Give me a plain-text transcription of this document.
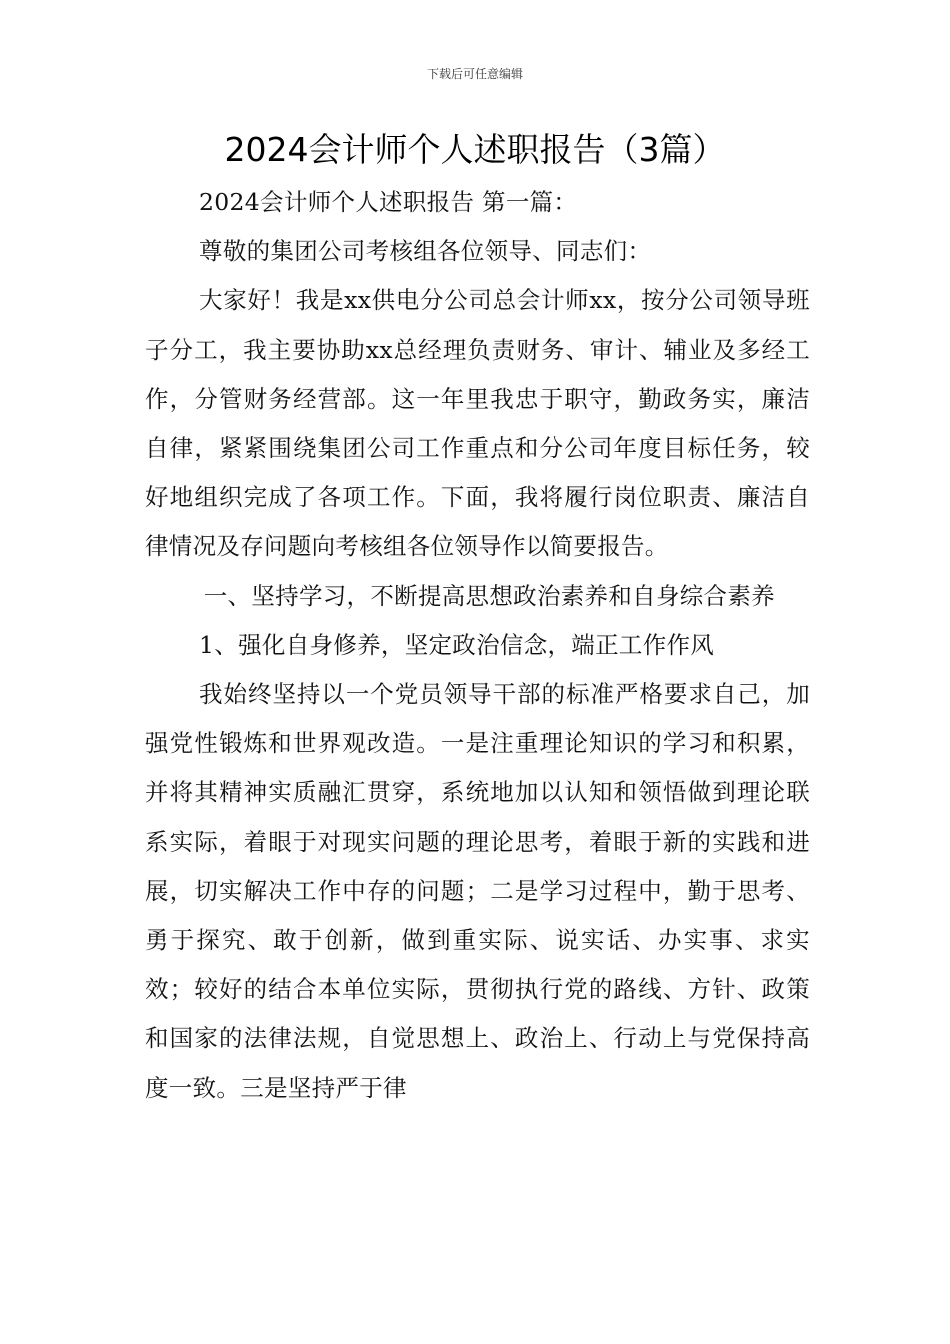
下载后可任意编辑
2024会计师个人述职报告（3篇）

2024会计师个人述职报告 第一篇：

尊敬的集团公司考核组各位领导、同志们：

大家好！我是xx供电分公司总会计师xx，按分公司领导班子分工，我主要协助xx总经理负责财务、审计、辅业及多经工作，分管财务经营部。这一年里我忠于职守，勤政务实，廉洁自律，紧紧围绕集团公司工作重点和分公司年度目标任务，较好地组织完成了各项工作。下面，我将履行岗位职责、廉洁自律情况及存问题向考核组各位领导作以简要报告。

一、坚持学习，不断提高思想政治素养和自身综合素养

1、强化自身修养，坚定政治信念，端正工作作风

我始终坚持以一个党员领导干部的标准严格要求自己，加强党性锻炼和世界观改造。一是注重理论知识的学习和积累，并将其精神实质融汇贯穿，系统地加以认知和领悟做到理论联系实际，着眼于对现实问题的理论思考，着眼于新的实践和进展，切实解决工作中存的问题；二是学习过程中，勤于思考、勇于探究、敢于创新，做到重实际、说实话、办实事、求实效；较好的结合本单位实际，贯彻执行党的路线、方针、政策和国家的法律法规，自觉思想上、政治上、行动上与党保持高度一致。三是坚持严于律
